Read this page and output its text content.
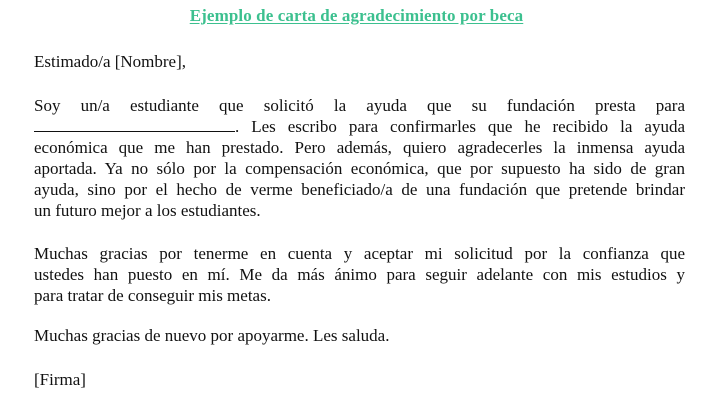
Ejemplo de carta de agradecimiento por beca
Estimado/a [Nombre],
Soy un/a estudiante que solicitó la ayuda que su fundación presta para
. Les escribo para confirmarles que he recibido la ayuda
económica que me han prestado. Pero además, quiero agradecerles la inmensa ayuda
aportada. Ya no sólo por la compensación económica, que por supuesto ha sido de gran
ayuda, sino por el hecho de verme beneficiado/a de una fundación que pretende brindar
un futuro mejor a los estudiantes.
Muchas gracias por tenerme en cuenta y aceptar mi solicitud por la confianza que
ustedes han puesto en mí. Me da más ánimo para seguir adelante con mis estudios y
para tratar de conseguir mis metas.
Muchas gracias de nuevo por apoyarme. Les saluda.
[Firma]
